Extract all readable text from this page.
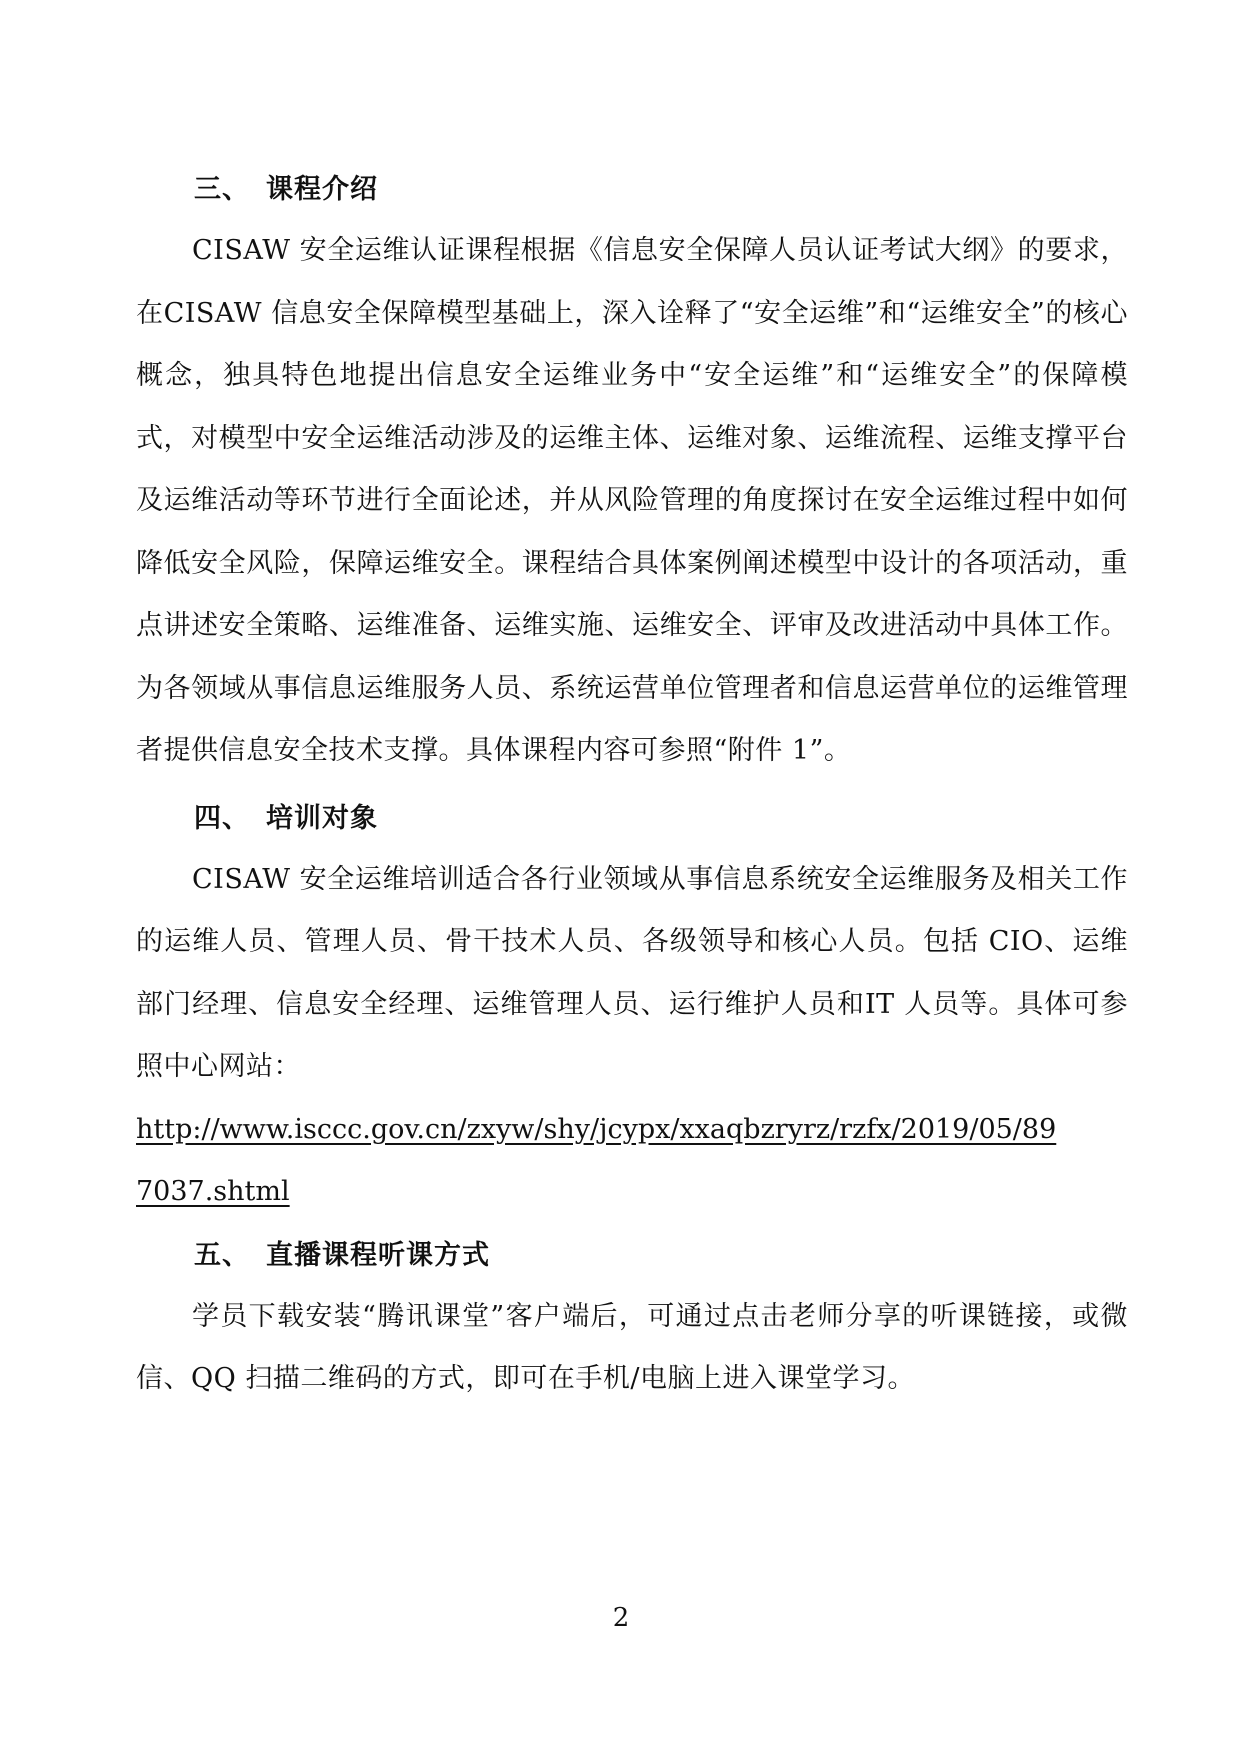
三、 课程介绍

CISAW 安全运维认证课程根据《信息安全保障人员认证考试大纲》的要求，在CISAW 信息安全保障模型基础上，深入诠释了“安全运维”和“运维安全”的核心概念，独具特色地提出信息安全运维业务中“安全运维”和“运维安全”的保障模式，对模型中安全运维活动涉及的运维主体、运维对象、运维流程、运维支撑平台及运维活动等环节进行全面论述，并从风险管理的角度探讨在安全运维过程中如何降低安全风险，保障运维安全。课程结合具体案例阐述模型中设计的各项活动，重点讲述安全策略、运维准备、运维实施、运维安全、评审及改进活动中具体工作。为各领域从事信息运维服务人员、系统运营单位管理者和信息运营单位的运维管理者提供信息安全技术支撑。具体课程内容可参照“附件 1”。

四、 培训对象

CISAW 安全运维培训适合各行业领域从事信息系统安全运维服务及相关工作的运维人员、管理人员、骨干技术人员、各级领导和核心人员。包括 CIO、运维部门经理、信息安全经理、运维管理人员、运行维护人员和IT 人员等。具体可参照中心网站：

http://www.isccc.gov.cn/zxyw/shy/jcypx/xxaqbzryrz/rzfx/2019/05/89
7037.shtml

五、 直播课程听课方式

学员下载安装“腾讯课堂”客户端后，可通过点击老师分享的听课链接，或微信、QQ 扫描二维码的方式，即可在手机/电脑上进入课堂学习。

2
